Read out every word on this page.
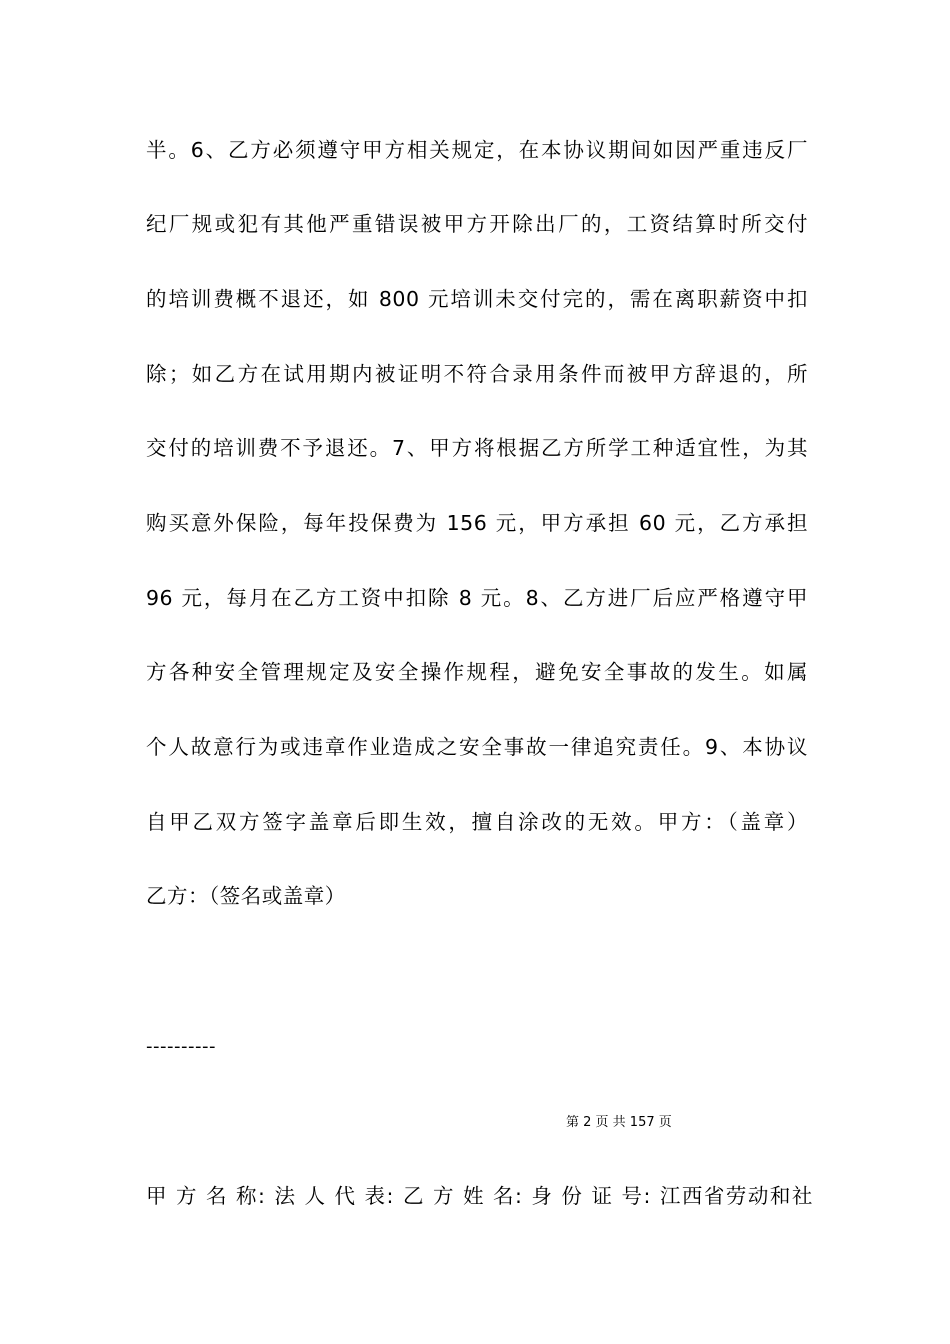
半。6、乙方必须遵守甲方相关规定，在本协议期间如因严重违反厂
纪厂规或犯有其他严重错误被甲方开除出厂的，工资结算时所交付
的培训费概不退还，如 800 元培训未交付完的，需在离职薪资中扣
除；如乙方在试用期内被证明不符合录用条件而被甲方辞退的，所
交付的培训费不予退还。7、甲方将根据乙方所学工种适宜性，为其
购买意外保险，每年投保费为 156 元，甲方承担 60 元，乙方承担
96 元，每月在乙方工资中扣除 8 元。8、乙方进厂后应严格遵守甲
方各种安全管理规定及安全操作规程，避免安全事故的发生。如属
个人故意行为或违章作业造成之安全事故一律追究责任。9、本协议
自甲乙双方签字盖章后即生效，擅自涂改的无效。甲方：（盖章）
乙方：（签名或盖章）
----------
第 2 页 共 157 页
甲 方 名 称: 法 人 代 表: 乙 方 姓 名: 身 份 证 号: 江西省劳动和社
